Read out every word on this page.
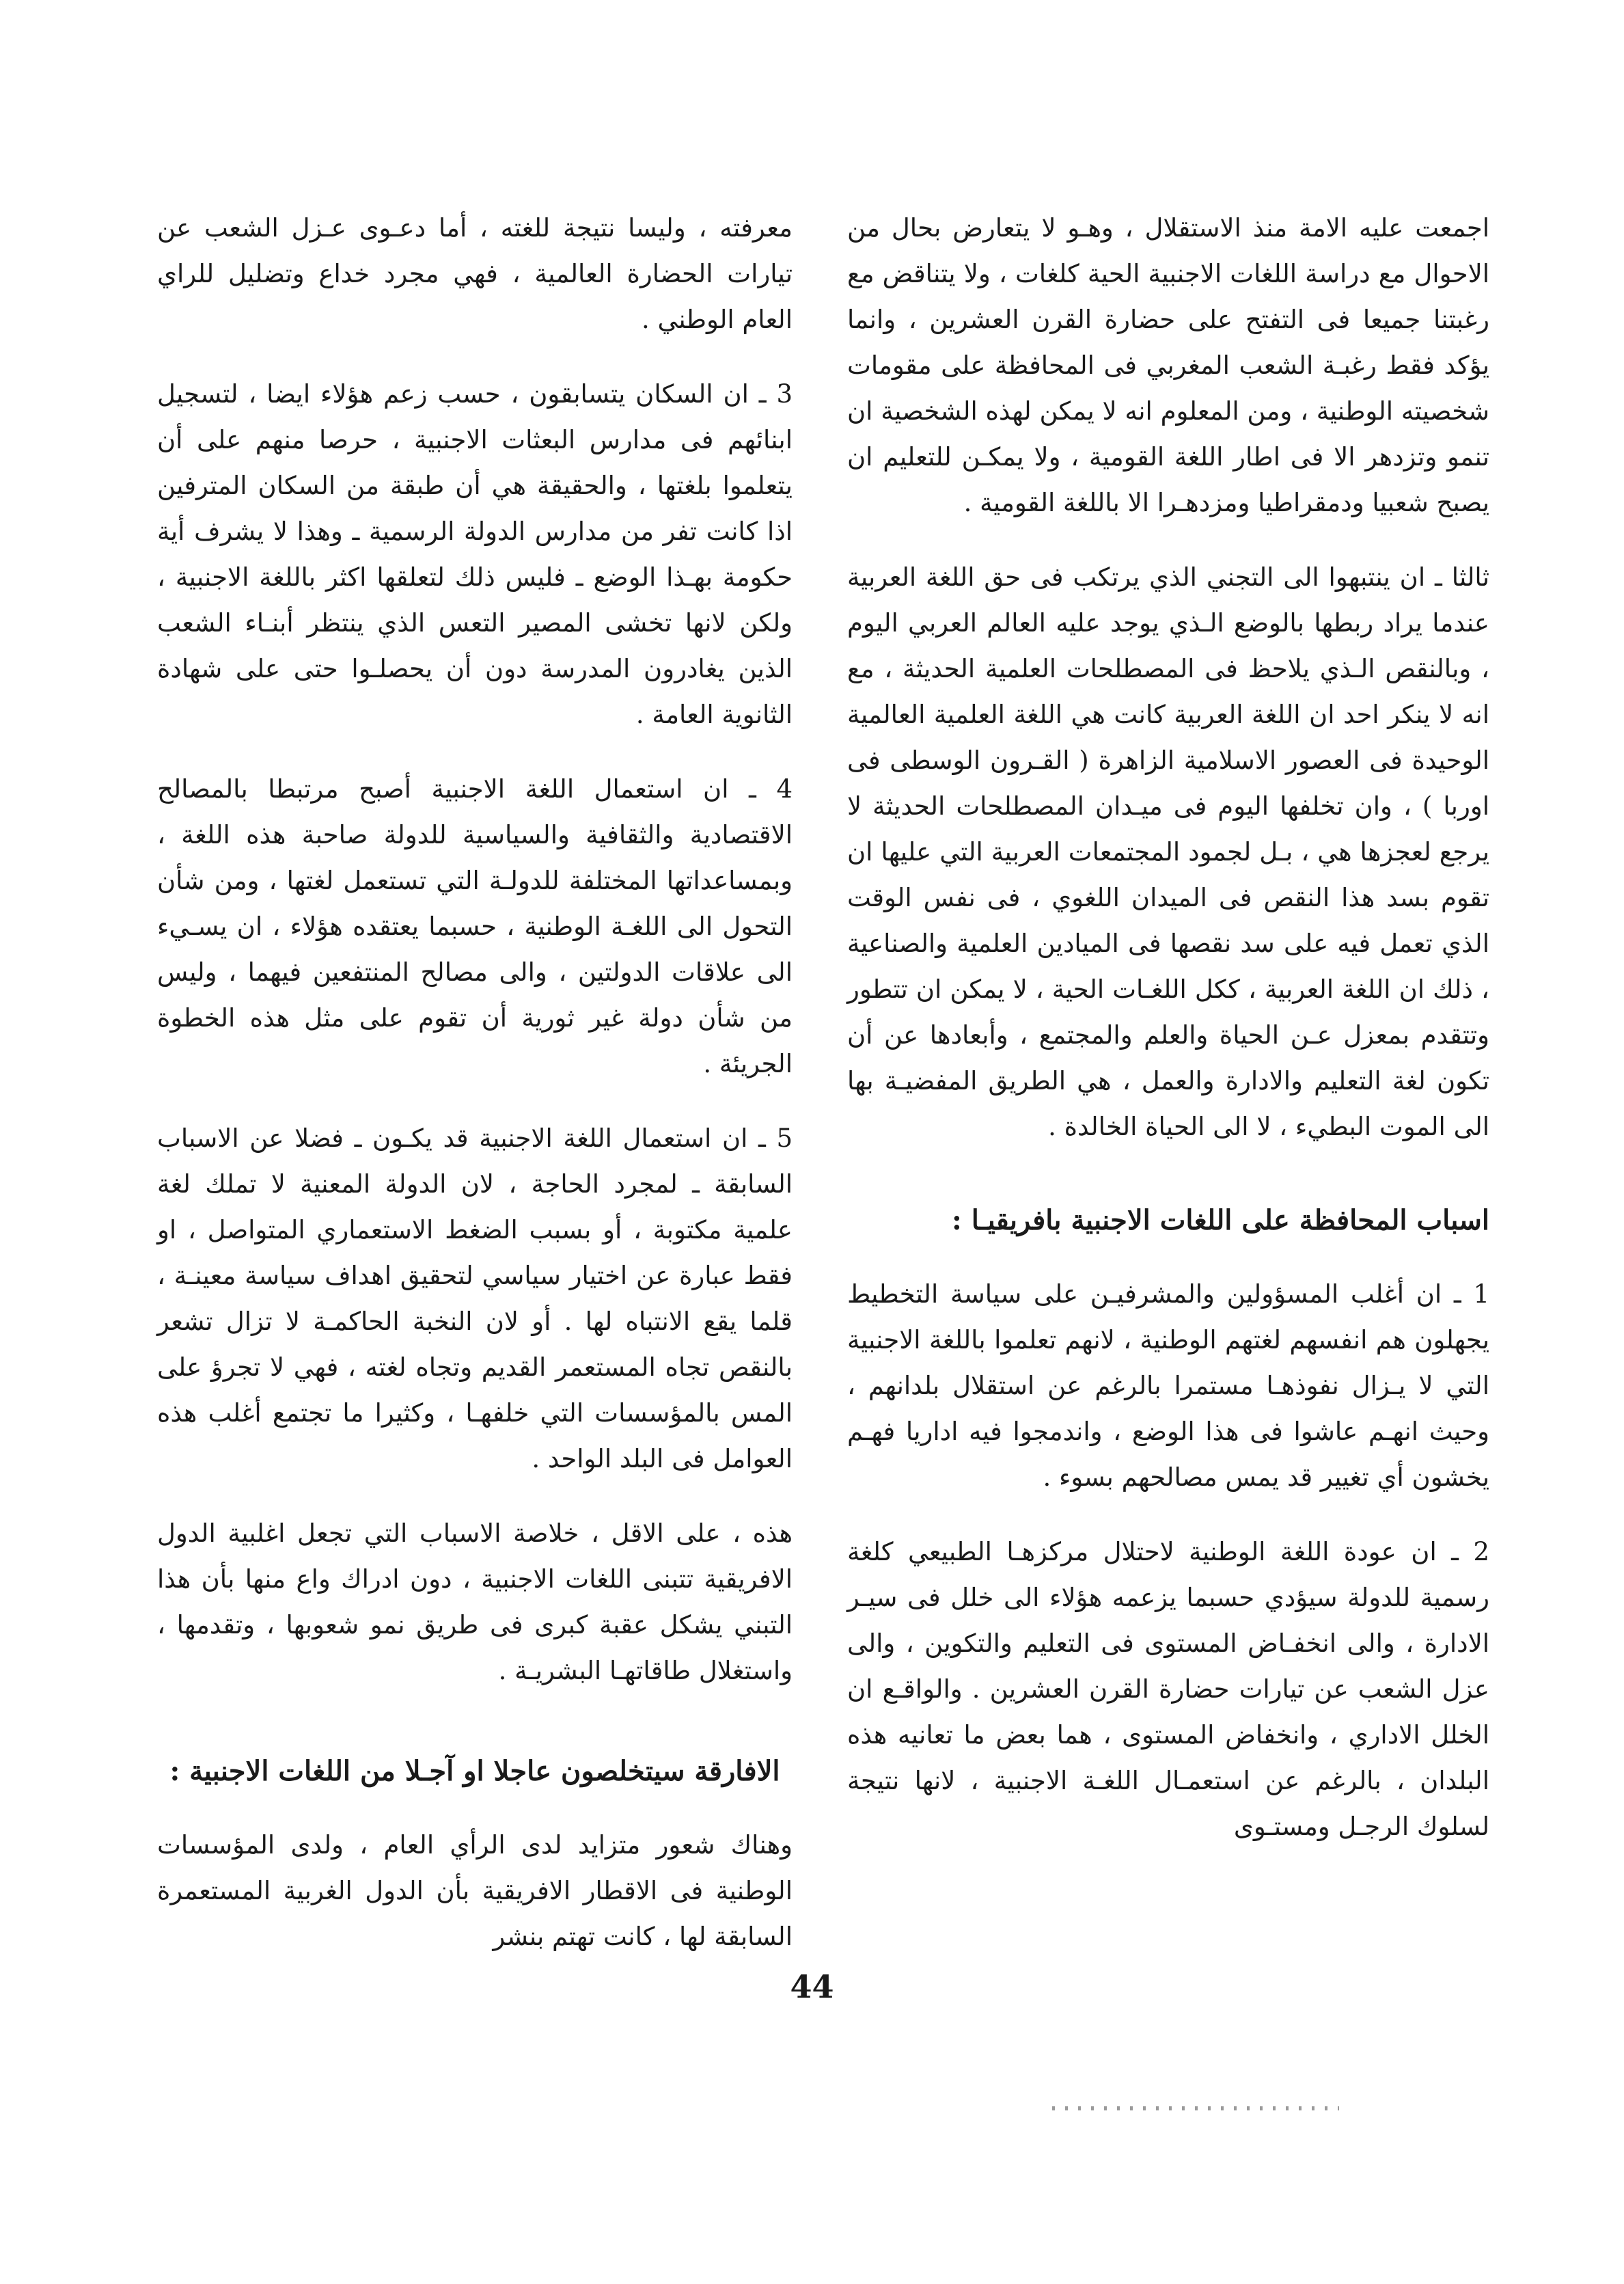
اجمعت عليه الامة منذ الاستقلال ، وهـو لا يتعارض بحال من الاحوال مع دراسة اللغات الاجنبية الحية كلغات ، ولا يتناقض مع رغبتنا جميعا فى التفتح على حضارة القرن العشرين ، وانما يؤكد فقط رغبـة الشعب المغربي فى المحافظة على مقومات شخصيته الوطنية ، ومن المعلوم انه لا يمكن لهذه الشخصية ان تنمو وتزدهر الا فى اطار اللغة القومية ، ولا يمكـن للتعليم ان يصبح شعبيا ودمقراطيا ومزدهـرا الا باللغة القومية .

ثالثا ـ ان ينتبهوا الى التجني الذي يرتكب فى حق اللغة العربية عندما يراد ربطها بالوضع الـذي يوجد عليه العالم العربي اليوم ، وبالنقص الـذي يلاحظ فى المصطلحات العلمية الحديثة ، مع انه لا ينكر احد ان اللغة العربية كانت هي اللغة العلمية العالمية الوحيدة فى العصور الاسلامية الزاهرة ( القـرون الوسطى فى اوربا ) ، وان تخلفها اليوم فى ميـدان المصطلحات الحديثة لا يرجع لعجزها هي ، بـل لجمود المجتمعات العربية التي عليها ان تقوم بسد هذا النقص فى الميدان اللغوي ، فى نفس الوقت الذي تعمل فيه على سد نقصها فى الميادين العلمية والصناعية ، ذلك ان اللغة العربية ، ككل اللغـات الحية ، لا يمكن ان تتطور وتتقدم بمعزل عـن الحياة والعلم والمجتمع ، وأبعادها عن أن تكون لغة التعليم والادارة والعمل ، هي الطريق المفضيـة بها الى الموت البطيء ، لا الى الحياة الخالدة .

اسباب المحافظة على اللغات الاجنبية بافريقيـا :

1 ـ ان أغلب المسؤولين والمشرفيـن على سياسة التخطيط يجهلون هم انفسهم لغتهم الوطنية ، لانهم تعلموا باللغة الاجنبية التي لا يـزال نفوذهـا مستمرا بالرغم عن استقلال بلدانهم ، وحيث انهـم عاشوا فى هذا الوضع ، واندمجوا فيه اداريا فهـم يخشون أي تغيير قد يمس مصالحهم بسوء .

2 ـ ان عودة اللغة الوطنية لاحتلال مركزهـا الطبيعي كلغة رسمية للدولة سيؤدي حسبما يزعمه هؤلاء الى خلل فى سيـر الادارة ، والى انخفـاض المستوى فى التعليم والتكوين ، والى عزل الشعب عن تيارات حضارة القرن العشرين . والواقـع ان الخلل الاداري ، وانخفاض المستوى ، هما بعض ما تعانيه هذه البلدان ، بالرغم عن استعمـال اللغـة الاجنبية ، لانها نتيجة لسلوك الرجـل ومستـوى

معرفته ، وليسا نتيجة للغته ، أما دعـوى عـزل الشعب عن تيارات الحضارة العالمية ، فهي مجرد خداع وتضليل للراي العام الوطني .

3 ـ ان السكان يتسابقون ، حسب زعم هؤلاء ايضا ، لتسجيل ابنائهم فى مدارس البعثات الاجنبية ، حرصا منهم على أن يتعلموا بلغتها ، والحقيقة هي أن طبقة من السكان المترفين اذا كانت تفر من مدارس الدولة الرسمية ـ وهذا لا يشرف أية حكومة بهـذا الوضع ـ فليس ذلك لتعلقها اكثر باللغة الاجنبية ، ولكن لانها تخشى المصير التعس الذي ينتظر أبنـاء الشعب الذين يغادرون المدرسة دون أن يحصلـوا حتى على شهادة الثانوية العامة .

4 ـ ان استعمال اللغة الاجنبية أصبح مرتبطا بالمصالح الاقتصادية والثقافية والسياسية للدولة صاحبة هذه اللغة ، وبمساعداتها المختلفة للدولـة التي تستعمل لغتها ، ومن شأن التحول الى اللغـة الوطنية ، حسبما يعتقده هؤلاء ، ان يسـيء الى علاقات الدولتين ، والى مصالح المنتفعين فيهما ، وليس من شأن دولة غير ثورية أن تقوم على مثل هذه الخطوة الجريئة .

5 ـ ان استعمال اللغة الاجنبية قد يكـون ـ فضلا عن الاسباب السابقة ـ لمجرد الحاجة ، لان الدولة المعنية لا تملك لغة علمية مكتوبة ، أو بسبب الضغط الاستعماري المتواصل ، او فقط عبارة عن اختيار سياسي لتحقيق اهداف سياسة معينـة ، قلما يقع الانتباه لها . أو لان النخبة الحاكمـة لا تزال تشعر بالنقص تجاه المستعمر القديم وتجاه لغته ، فهي لا تجرؤ على المس بالمؤسسات التي خلفهـا ، وكثيرا ما تجتمع أغلب هذه العوامل فى البلد الواحد .

هذه ، على الاقل ، خلاصة الاسباب التي تجعل اغلبية الدول الافريقية تتبنى اللغات الاجنبية ، دون ادراك واع منها بأن هذا التبني يشكل عقبة كبرى فى طريق نمو شعوبها ، وتقدمها ، واستغلال طاقاتهـا البشريـة .

الافارقة سيتخلصون عاجلا او آجـلا من اللغات الاجنبية :

وهناك شعور متزايد لدى الرأي العام ، ولدى المؤسسات الوطنية فى الاقطار الافريقية بأن الدول الغربية المستعمرة السابقة لها ، كانت تهتم بنشر

44
